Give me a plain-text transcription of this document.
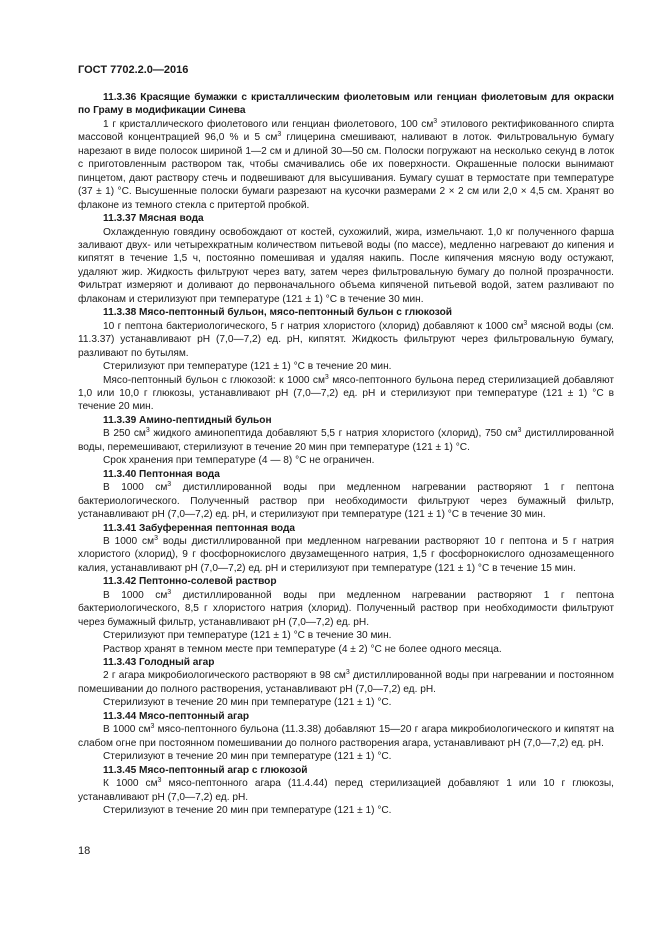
ГОСТ 7702.2.0—2016

11.3.36 Красящие бумажки с кристаллическим фиолетовым или генциан фиолетовым для окраски по Граму в модификации Синева

1 г кристаллического фиолетового или генциан фиолетового, 100 $см^3$ этилового ректификованного спирта массовой концентрацией 96,0 % и 5 $см^3$ глицерина смешивают, наливают в лоток. Фильтровальную бумагу нарезают в виде полосок шириной 1—2 см и длиной 30—50 см. Полоски погружают на несколько секунд в лоток с приготовленным раствором так, чтобы смачивались обе их поверхности. Окрашенные полоски вынимают пинцетом, дают раствору стечь и подвешивают для высушивания. Бумагу сушат в термостате при температуре (37 ± 1) °С. Высушенные полоски бумаги разрезают на кусочки размерами 2 × 2 см или 2,0 × 4,5 см. Хранят во флаконе из темного стекла с притертой пробкой.

11.3.37 Мясная вода

Охлажденную говядину освобождают от костей, сухожилий, жира, измельчают. 1,0 кг полученного фарша заливают двух- или четырехкратным количеством питьевой воды (по массе), медленно нагревают до кипения и кипятят в течение 1,5 ч, постоянно помешивая и удаляя накипь. После кипячения мясную воду остужают, удаляют жир. Жидкость фильтруют через вату, затем через фильтровальную бумагу до полной прозрачности. Фильтрат измеряют и доливают до первоначального объема кипяченой питьевой водой, затем разливают по флаконам и стерилизуют при температуре (121 ± 1) °С в течение 30 мин.

11.3.38 Мясо-пептонный бульон, мясо-пептонный бульон с глюкозой

10 г пептона бактериологического, 5 г натрия хлористого (хлорид) добавляют к 1000 $см^3$ мясной воды (см. 11.3.37) устанавливают рН (7,0—7,2) ед. рН, кипятят. Жидкость фильтруют через фильтровальную бумагу, разливают по бутылям.

Стерилизуют при температуре (121 ± 1) °С в течение 20 мин.

Мясо-пептонный бульон с глюкозой: к 1000 $см^3$ мясо-пептонного бульона перед стерилизацией добавляют 1,0 или 10,0 г глюкозы, устанавливают рН (7,0—7,2) ед. рН и стерилизуют при температуре (121 ± 1) °С в течение 20 мин.

11.3.39 Амино-пептидный бульон

В 250 $см^3$ жидкого аминопептида добавляют 5,5 г натрия хлористого (хлорид), 750 $см^3$ дистиллированной воды, перемешивают, стерилизуют в течение 20 мин при температуре (121 ± 1) °С.

Срок хранения при температуре (4 — 8) °С не ограничен.

11.3.40 Пептонная вода

В 1000 $см^3$ дистиллированной воды при медленном нагревании растворяют 1 г пептона бактериологического. Полученный раствор при необходимости фильтруют через бумажный фильтр, устанавливают рН (7,0—7,2) ед. рН, и стерилизуют при температуре (121 ± 1) °С в течение 30 мин.

11.3.41 Забуференная пептонная вода

В 1000 $см^3$ воды дистиллированной при медленном нагревании растворяют 10 г пептона и 5 г натрия хлористого (хлорид), 9 г фосфорнокислого двузамещенного натрия, 1,5 г фосфорнокислого однозамещенного калия, устанавливают рН (7,0—7,2) ед. рН и стерилизуют при температуре (121 ± 1) °С в течение 15 мин.

11.3.42 Пептонно-солевой раствор

В 1000 $см^3$ дистиллированной воды при медленном нагревании растворяют 1 г пептона бактериологического, 8,5 г хлористого натрия (хлорид). Полученный раствор при необходимости фильтруют через бумажный фильтр, устанавливают рН (7,0—7,2) ед. рН.

Стерилизуют при температуре (121 ± 1) °С в течение 30 мин.

Раствор хранят в темном месте при температуре (4 ± 2) °С не более одного месяца.

11.3.43 Голодный агар

2 г агара микробиологического растворяют в 98 $см^3$ дистиллированной воды при нагревании и постоянном помешивании до полного растворения, устанавливают рН (7,0—7,2) ед. рН.

Стерилизуют в течение 20 мин при температуре (121 ± 1) °С.

11.3.44 Мясо-пептонный агар

В 1000 $см^3$ мясо-пептонного бульона (11.3.38) добавляют 15—20 г агара микробиологического и кипятят на слабом огне при постоянном помешивании до полного растворения агара, устанавливают рН (7,0—7,2) ед. рН.

Стерилизуют в течение 20 мин при температуре (121 ± 1) °С.

11.3.45 Мясо-пептонный агар с глюкозой

К 1000 $см^3$ мясо-пептонного агара (11.4.44) перед стерилизацией добавляют 1 или 10 г глюкозы, устанавливают рН (7,0—7,2) ед. рН.

Стерилизуют в течение 20 мин при температуре (121 ± 1) °С.

18
